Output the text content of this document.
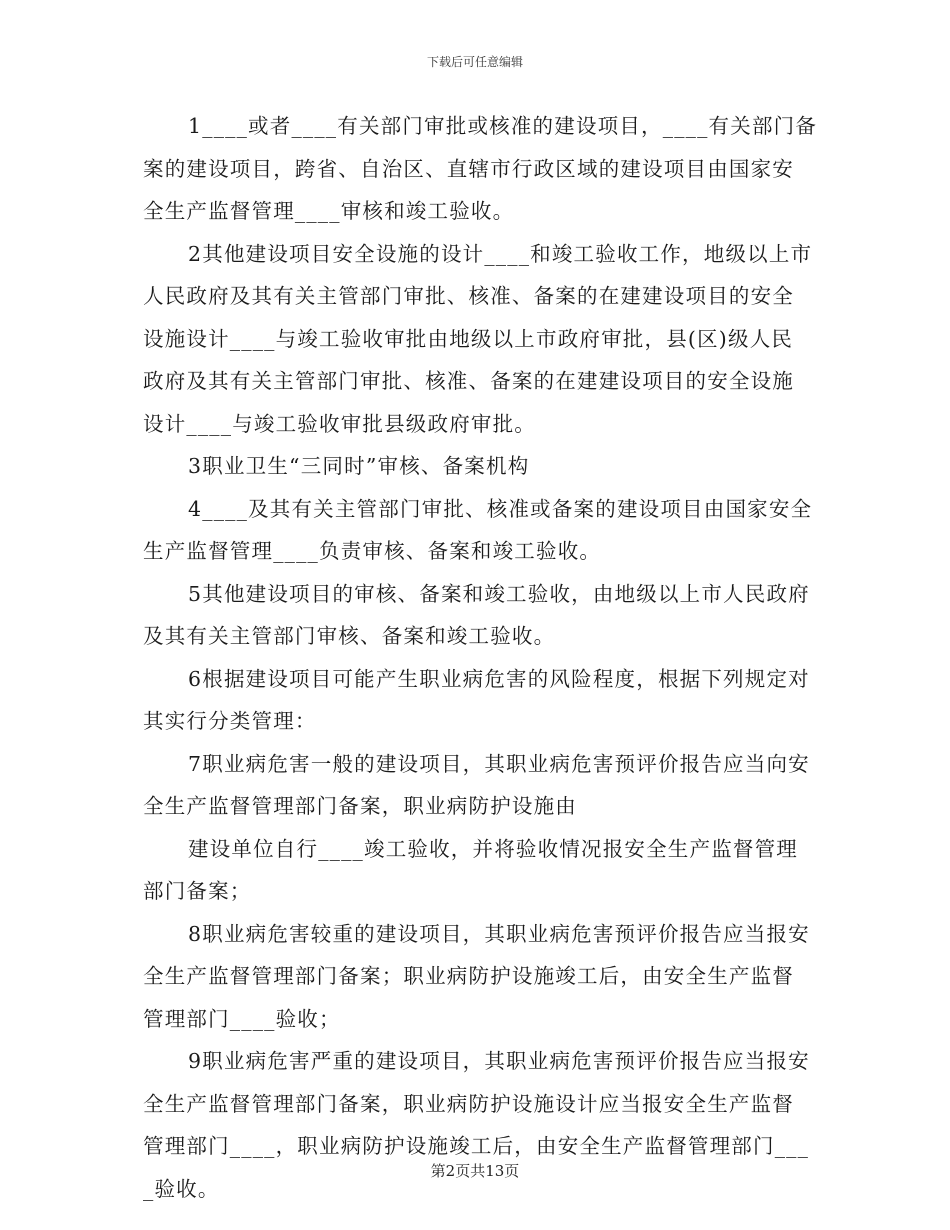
下载后可任意编辑

1____或者____有关部门审批或核准的建设项目，____有关部门备
案的建设项目，跨省、自治区、直辖市行政区域的建设项目由国家安
全生产监督管理____审核和竣工验收。
2其他建设项目安全设施的设计____和竣工验收工作，地级以上市
人民政府及其有关主管部门审批、核准、备案的在建建设项目的安全
设施设计____与竣工验收审批由地级以上市政府审批，县(区)级人民
政府及其有关主管部门审批、核准、备案的在建建设项目的安全设施
设计____与竣工验收审批县级政府审批。
3职业卫生“三同时”审核、备案机构
4____及其有关主管部门审批、核准或备案的建设项目由国家安全
生产监督管理____负责审核、备案和竣工验收。
5其他建设项目的审核、备案和竣工验收，由地级以上市人民政府
及其有关主管部门审核、备案和竣工验收。
6根据建设项目可能产生职业病危害的风险程度，根据下列规定对
其实行分类管理：
7职业病危害一般的建设项目，其职业病危害预评价报告应当向安
全生产监督管理部门备案，职业病防护设施由
建设单位自行____竣工验收，并将验收情况报安全生产监督管理
部门备案；
8职业病危害较重的建设项目，其职业病危害预评价报告应当报安
全生产监督管理部门备案；职业病防护设施竣工后，由安全生产监督
管理部门____验收；
9职业病危害严重的建设项目，其职业病危害预评价报告应当报安
全生产监督管理部门备案，职业病防护设施设计应当报安全生产监督
管理部门____，职业病防护设施竣工后，由安全生产监督管理部门___
_验收。

第2页共13页
